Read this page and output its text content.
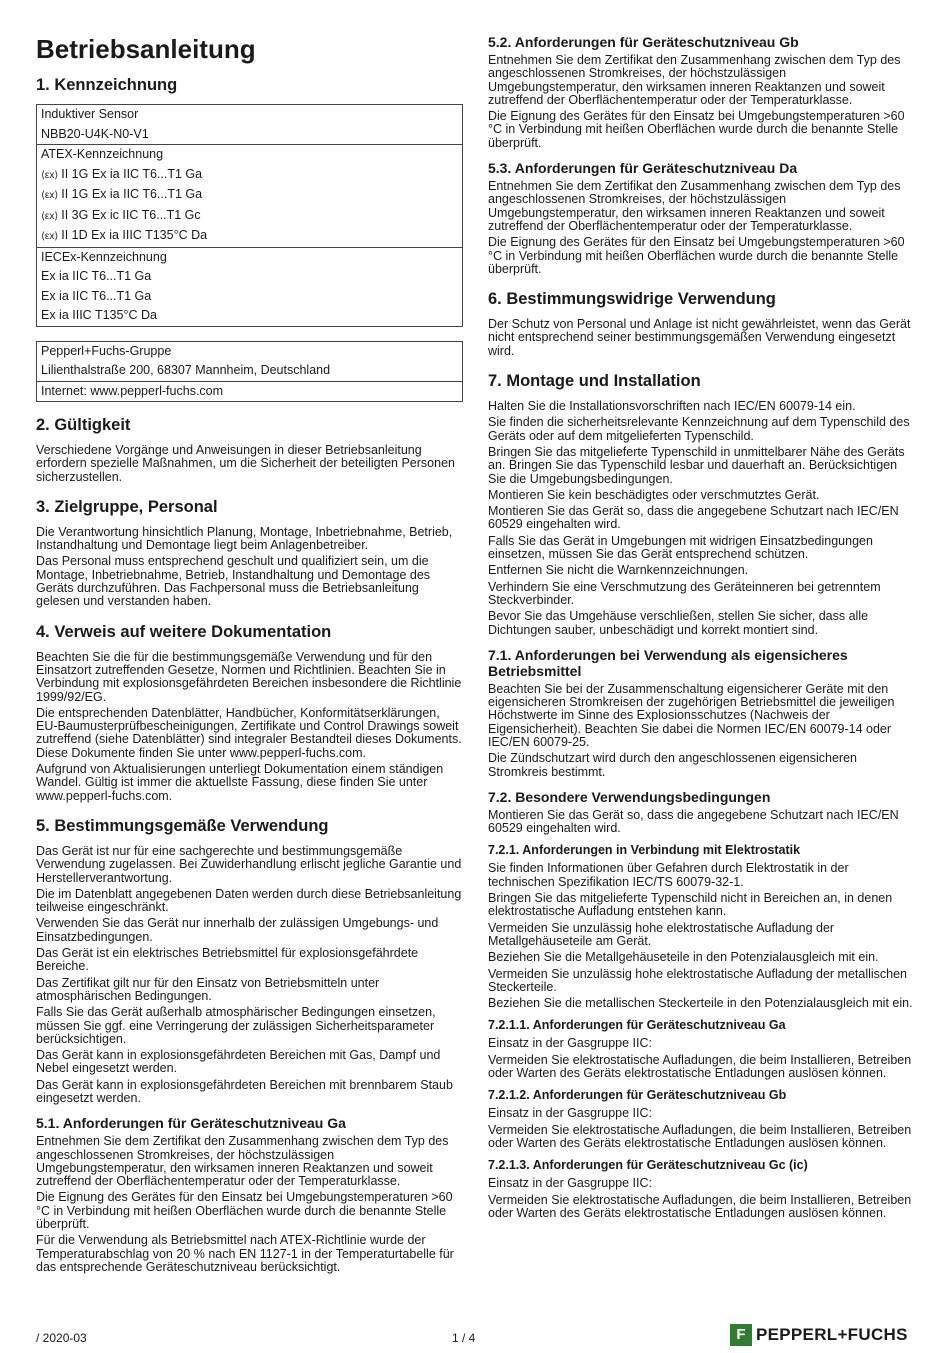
Betriebsanleitung
1. Kennzeichnung
Induktiver Sensor
NBB20-U4K-N0-V1
ATEX-Kennzeichnung
⟨εx⟩ II 1G Ex ia IIC T6...T1 Ga
⟨εx⟩ II 1G Ex ia IIC T6...T1 Ga
⟨εx⟩ II 3G Ex ic IIC T6...T1 Gc
⟨εx⟩ II 1D Ex ia IIIC T135°C Da
IECEx-Kennzeichnung
Ex ia IIC T6...T1 Ga
Ex ia IIC T6...T1 Ga
Ex ia IIIC T135°C Da
Pepperl+Fuchs-Gruppe
Lilienthalstraße 200, 68307 Mannheim, Deutschland
Internet: www.pepperl-fuchs.com
2. Gültigkeit

Verschiedene Vorgänge und Anweisungen in dieser Betriebsanleitung erfordern spezielle Maßnahmen, um die Sicherheit der beteiligten Personen sicherzustellen.

3. Zielgruppe, Personal

Die Verantwortung hinsichtlich Planung, Montage, Inbetriebnahme, Betrieb, Instandhaltung und Demontage liegt beim Anlagenbetreiber.

Das Personal muss entsprechend geschult und qualifiziert sein, um die Montage, Inbetriebnahme, Betrieb, Instandhaltung und Demontage des Geräts durchzuführen. Das Fachpersonal muss die Betriebsanleitung gelesen und verstanden haben.

4. Verweis auf weitere Dokumentation

Beachten Sie die für die bestimmungsgemäße Verwendung und für den Einsatzort zutreffenden Gesetze, Normen und Richtlinien. Beachten Sie in Verbindung mit explosionsgefährdeten Bereichen insbesondere die Richtlinie 1999/92/EG.

Die entsprechenden Datenblätter, Handbücher, Konformitätserklärungen, EU-Baumusterprüfbescheinigungen, Zertifikate und Control Drawings soweit zutreffend (siehe Datenblätter) sind integraler Bestandteil dieses Dokuments. Diese Dokumente finden Sie unter www.pepperl-fuchs.com.

Aufgrund von Aktualisierungen unterliegt Dokumentation einem ständigen Wandel. Gültig ist immer die aktuellste Fassung, diese finden Sie unter www.pepperl-fuchs.com.

5. Bestimmungsgemäße Verwendung

Das Gerät ist nur für eine sachgerechte und bestimmungsgemäße Verwendung zugelassen. Bei Zuwiderhandlung erlischt jegliche Garantie und Herstellerverantwortung.

Die im Datenblatt angegebenen Daten werden durch diese Betriebsanleitung teilweise eingeschränkt.

Verwenden Sie das Gerät nur innerhalb der zulässigen Umgebungs- und Einsatzbedingungen.

Das Gerät ist ein elektrisches Betriebsmittel für explosionsgefährdete Bereiche.

Das Zertifikat gilt nur für den Einsatz von Betriebsmitteln unter atmosphärischen Bedingungen.

Falls Sie das Gerät außerhalb atmosphärischer Bedingungen einsetzen, müssen Sie ggf. eine Verringerung der zulässigen Sicherheitsparameter berücksichtigen.

Das Gerät kann in explosionsgefährdeten Bereichen mit Gas, Dampf und Nebel eingesetzt werden.

Das Gerät kann in explosionsgefährdeten Bereichen mit brennbarem Staub eingesetzt werden.

5.1. Anforderungen für Geräteschutzniveau Ga

Entnehmen Sie dem Zertifikat den Zusammenhang zwischen dem Typ des angeschlossenen Stromkreises, der höchstzulässigen Umgebungstemperatur, den wirksamen inneren Reaktanzen und soweit zutreffend der Oberflächentemperatur oder der Temperaturklasse.

Die Eignung des Gerätes für den Einsatz bei Umgebungstemperaturen >60 °C in Verbindung mit heißen Oberflächen wurde durch die benannte Stelle überprüft.

Für die Verwendung als Betriebsmittel nach ATEX-Richtlinie wurde der Temperaturabschlag von 20 % nach EN 1127-1 in der Temperaturtabelle für das entsprechende Geräteschutzniveau berücksichtigt.

5.2. Anforderungen für Geräteschutzniveau Gb

Entnehmen Sie dem Zertifikat den Zusammenhang zwischen dem Typ des angeschlossenen Stromkreises, der höchstzulässigen Umgebungstemperatur, den wirksamen inneren Reaktanzen und soweit zutreffend der Oberflächentemperatur oder der Temperaturklasse.

Die Eignung des Gerätes für den Einsatz bei Umgebungstemperaturen >60 °C in Verbindung mit heißen Oberflächen wurde durch die benannte Stelle überprüft.

5.3. Anforderungen für Geräteschutzniveau Da

Entnehmen Sie dem Zertifikat den Zusammenhang zwischen dem Typ des angeschlossenen Stromkreises, der höchstzulässigen Umgebungstemperatur, den wirksamen inneren Reaktanzen und soweit zutreffend der Oberflächentemperatur oder der Temperaturklasse.

Die Eignung des Gerätes für den Einsatz bei Umgebungstemperaturen >60 °C in Verbindung mit heißen Oberflächen wurde durch die benannte Stelle überprüft.

6. Bestimmungswidrige Verwendung

Der Schutz von Personal und Anlage ist nicht gewährleistet, wenn das Gerät nicht entsprechend seiner bestimmungsgemäßen Verwendung eingesetzt wird.

7. Montage und Installation

Halten Sie die Installationsvorschriften nach IEC/EN 60079-14 ein.

Sie finden die sicherheitsrelevante Kennzeichnung auf dem Typenschild des Geräts oder auf dem mitgelieferten Typenschild.

Bringen Sie das mitgelieferte Typenschild in unmittelbarer Nähe des Geräts an. Bringen Sie das Typenschild lesbar und dauerhaft an. Berücksichtigen Sie die Umgebungsbedingungen.

Montieren Sie kein beschädigtes oder verschmutztes Gerät.

Montieren Sie das Gerät so, dass die angegebene Schutzart nach IEC/EN 60529 eingehalten wird.

Falls Sie das Gerät in Umgebungen mit widrigen Einsatzbedingungen einsetzen, müssen Sie das Gerät entsprechend schützen.

Entfernen Sie nicht die Warnkennzeichnungen.

Verhindern Sie eine Verschmutzung des Geräteinneren bei getrenntem Steckverbinder.

Bevor Sie das Umgehäuse verschließen, stellen Sie sicher, dass alle Dichtungen sauber, unbeschädigt und korrekt montiert sind.

7.1. Anforderungen bei Verwendung als eigensicheres Betriebsmittel

Beachten Sie bei der Zusammenschaltung eigensicherer Geräte mit den eigensicheren Stromkreisen der zugehörigen Betriebsmittel die jeweiligen Höchstwerte im Sinne des Explosionsschutzes (Nachweis der Eigensicherheit). Beachten Sie dabei die Normen IEC/EN 60079-14 oder IEC/EN 60079-25.

Die Zündschutzart wird durch den angeschlossenen eigensicheren Stromkreis bestimmt.

7.2. Besondere Verwendungsbedingungen

Montieren Sie das Gerät so, dass die angegebene Schutzart nach IEC/EN 60529 eingehalten wird.

7.2.1. Anforderungen in Verbindung mit Elektrostatik

Sie finden Informationen über Gefahren durch Elektrostatik in der technischen Spezifikation IEC/TS 60079-32-1.

Bringen Sie das mitgelieferte Typenschild nicht in Bereichen an, in denen elektrostatische Aufladung entstehen kann.

Vermeiden Sie unzulässig hohe elektrostatische Aufladung der Metallgehäuseteile am Gerät.

Beziehen Sie die Metallgehäuseteile in den Potenzialausgleich mit ein.

Vermeiden Sie unzulässig hohe elektrostatische Aufladung der metallischen Steckerteile.

Beziehen Sie die metallischen Steckerteile in den Potenzialausgleich mit ein.

7.2.1.1. Anforderungen für Geräteschutzniveau Ga

Einsatz in der Gasgruppe IIC:

Vermeiden Sie elektrostatische Aufladungen, die beim Installieren, Betreiben oder Warten des Geräts elektrostatische Entladungen auslösen können.

7.2.1.2. Anforderungen für Geräteschutzniveau Gb

Einsatz in der Gasgruppe IIC:

Vermeiden Sie elektrostatische Aufladungen, die beim Installieren, Betreiben oder Warten des Geräts elektrostatische Entladungen auslösen können.

7.2.1.3. Anforderungen für Geräteschutzniveau Gc (ic)

Einsatz in der Gasgruppe IIC:

Vermeiden Sie elektrostatische Aufladungen, die beim Installieren, Betreiben oder Warten des Geräts elektrostatische Entladungen auslösen können.

/ 2020-03	1 / 4	F PEPPERL+FUCHS
